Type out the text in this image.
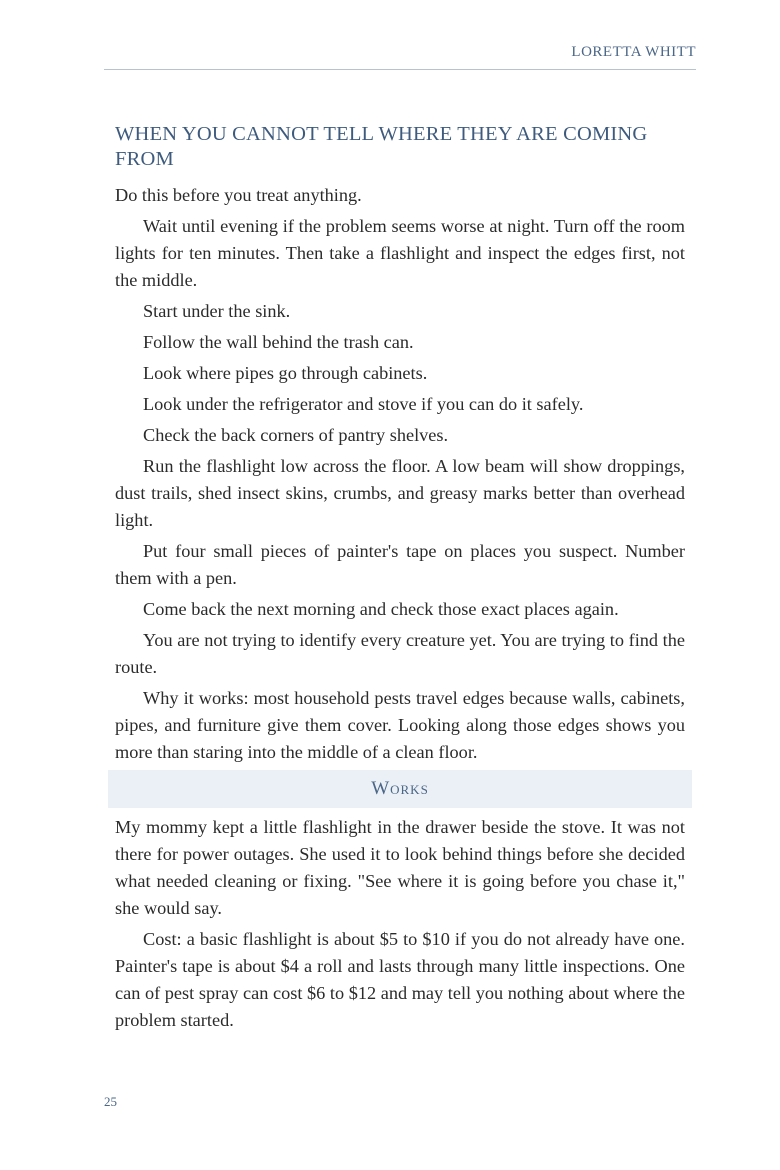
LORETTA WHITT
WHEN YOU CANNOT TELL WHERE THEY ARE COMING FROM

Do this before you treat anything.

Wait until evening if the problem seems worse at night. Turn off the room lights for ten minutes. Then take a flashlight and inspect the edges first, not the middle.

Start under the sink.

Follow the wall behind the trash can.

Look where pipes go through cabinets.

Look under the refrigerator and stove if you can do it safely.

Check the back corners of pantry shelves.

Run the flashlight low across the floor. A low beam will show droppings, dust trails, shed insect skins, crumbs, and greasy marks better than overhead light.

Put four small pieces of painter's tape on places you suspect. Number them with a pen.

Come back the next morning and check those exact places again.

You are not trying to identify every creature yet. You are trying to find the route.

Why it works: most household pests travel edges because walls, cabinets, pipes, and furniture give them cover. Looking along those edges shows you more than staring into the middle of a clean floor.

Works

My mommy kept a little flashlight in the drawer beside the stove. It was not there for power outages. She used it to look behind things before she decided what needed cleaning or fixing. "See where it is going before you chase it," she would say.

Cost: a basic flashlight is about $5 to $10 if you do not already have one. Painter's tape is about $4 a roll and lasts through many little inspections. One can of pest spray can cost $6 to $12 and may tell you nothing about where the problem started.

25
